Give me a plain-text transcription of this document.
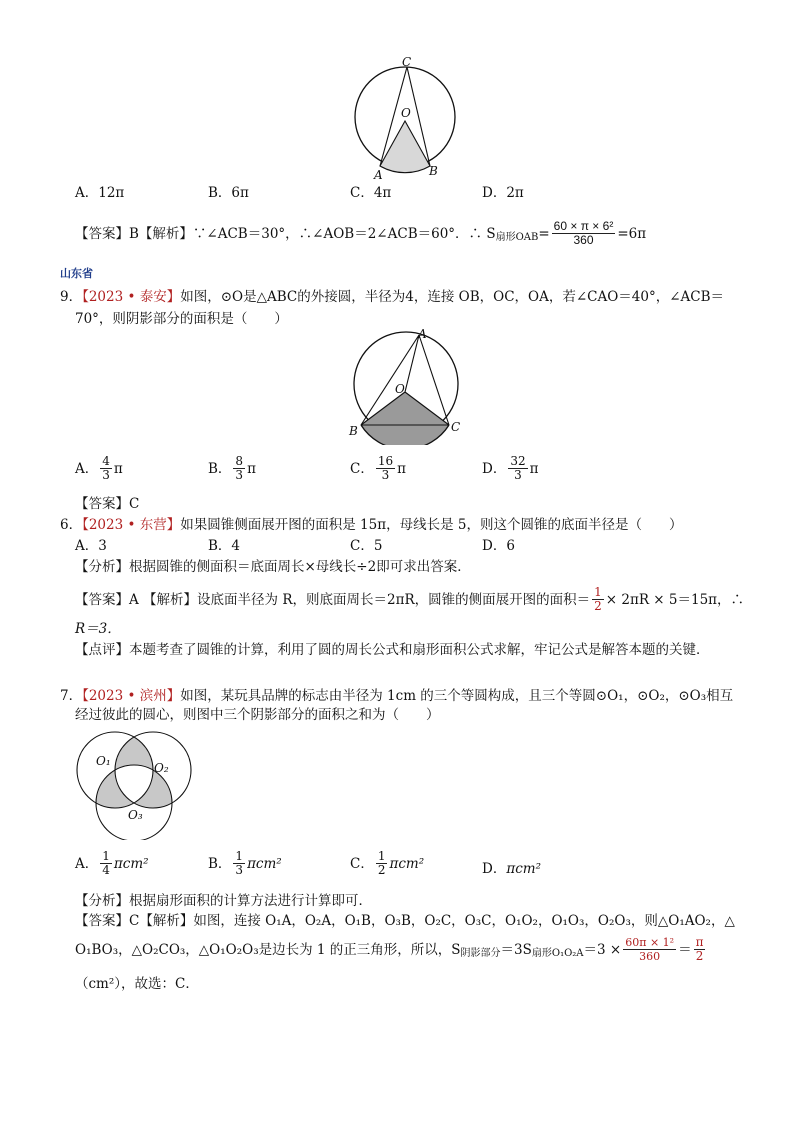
C
O
A	B
A．12π	B．6π	C．4π	D．2π
【答案】B【解析】∵∠ACB＝30°，∴∠AOB＝2∠ACB＝60°．∴ S 扇形OAB = $\frac{\text{60 × π × 6²}}{360} =6\pi$
山东省
9．【2023 • 泰安】如图，⊙O是△ABC的外接圆，半径为4，连接 OB，OC，OA，若∠CAO＝40°，∠ACB＝
70°，则阴影部分的面积是（　　）
A
O
B	C
A． $\frac{4}{3}$ π	B． $\frac{8}{3}$ π	C． $\frac{16}{3}$ π	D． $\frac{32}{3}$ π
【答案】C
6．【2023 • 东营】如果圆锥侧面展开图的面积是 15π，母线长是 5，则这个圆锥的底面半径是（　　）
A．3	B．4	C．5	D．6
【分析】根据圆锥的侧面积＝底面周长×母线长÷2即可求出答案．
【答案】A 【解析】设底面半径为 R，则底面周长＝2πR，圆锥的侧面展开图的面积＝ $\frac{1}{2} \times 2\pi R \times 5=15\pi$，∴
R＝3．
【点评】本题考查了圆锥的计算，利用了圆的周长公式和扇形面积公式求解，牢记公式是解答本题的关键．
7．【2023 • 滨州】如图，某玩具品牌的标志由半径为 1cm 的三个等圆构成，且三个等圆⊙O₁，⊙O₂，⊙O₃相互
经过彼此的圆心，则图中三个阴影部分的面积之和为（　　）
O₁	O₂
O₃
A． $\frac{1}{4} \pi cm^2$	B． $\frac{1}{3} \pi cm^2$	C． $\frac{1}{2} \pi cm^2$	D． πcm²
【分析】根据扇形面积的计算方法进行计算即可．
【答案】C【解析】如图，连接 O₁A，O₂A，O₁B，O₃B，O₂C，O₃C，O₁O₂，O₁O₃，O₂O₃，则△O₁AO₂，△
O₁BO₃，△O₂CO₃，△O₁O₂O₃是边长为 1 的正三角形，所以，S 阴影部分 ＝3S 扇形$O_1O_2A =3 \times \frac{\text{60π × 1²}}{360} = \frac{\pi}{2}$
（cm²），故选：C．
